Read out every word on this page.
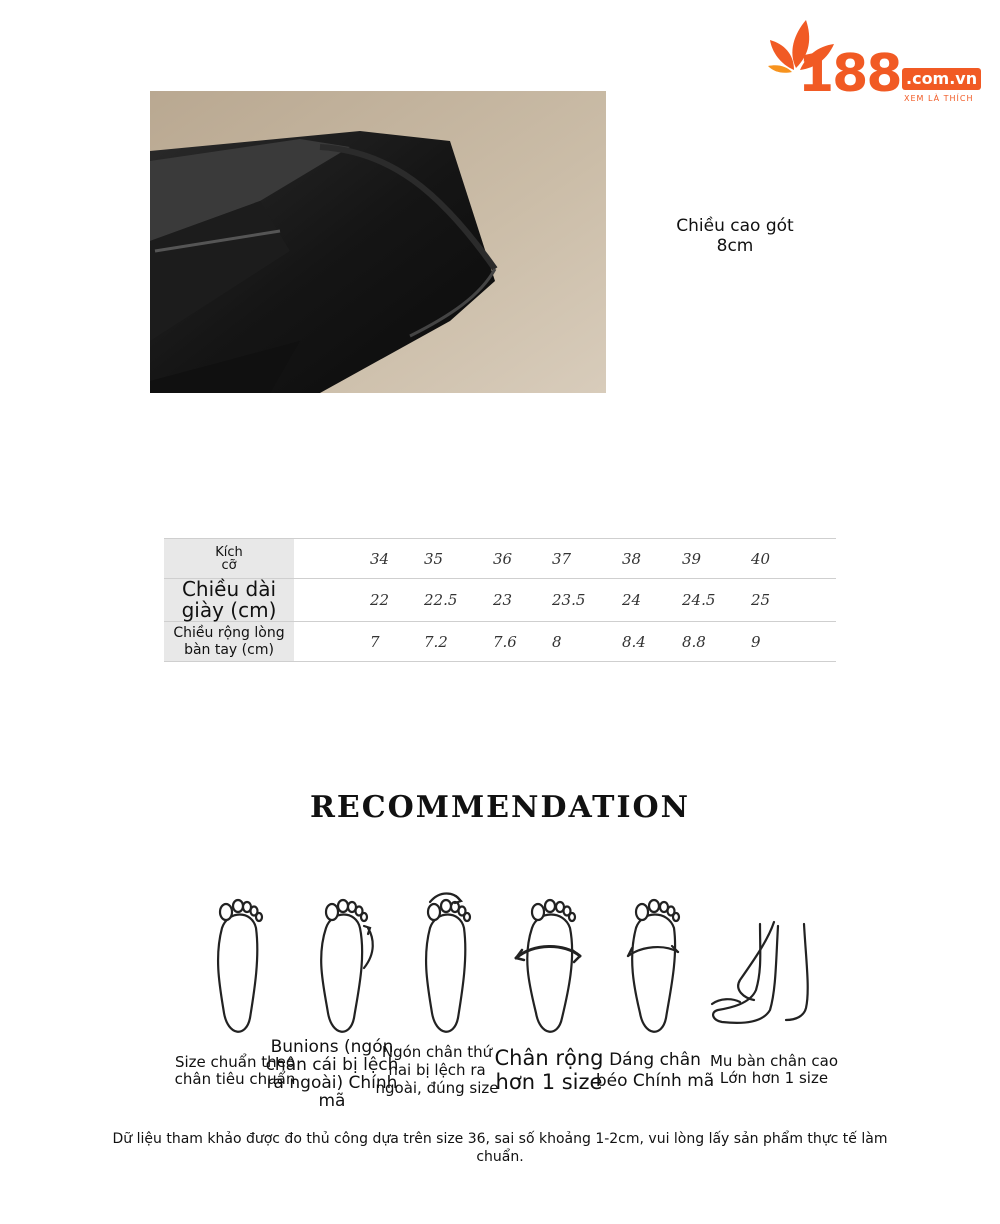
188 .com.vn
XEM LÀ THÍCH
Chiều cao gót
8cm
Kích
cỡ		34	35	36	37	38	39	40

Chiều dài
giày (cm)		22	22.5	23	23.5	24	24.5	25

Chiều rộng lòng
bàn tay (cm)		7	7.2	7.6	8	8.4	8.8	9
RECOMMENDATION
Size chuẩn theo chân tiêu chuẩn
Bunions (ngón chân cái bị lệch ra ngoài) Chính mã
Ngón chân thứ hai bị lệch ra ngoài, đúng size
Chân rộng hơn 1 size
Dáng chân béo Chính mã
Mu bàn chân cao Lớn hơn 1 size
Dữ liệu tham khảo được đo thủ công dựa trên size 36, sai số khoảng 1-2cm, vui lòng lấy sản phẩm thực tế làm chuẩn.
